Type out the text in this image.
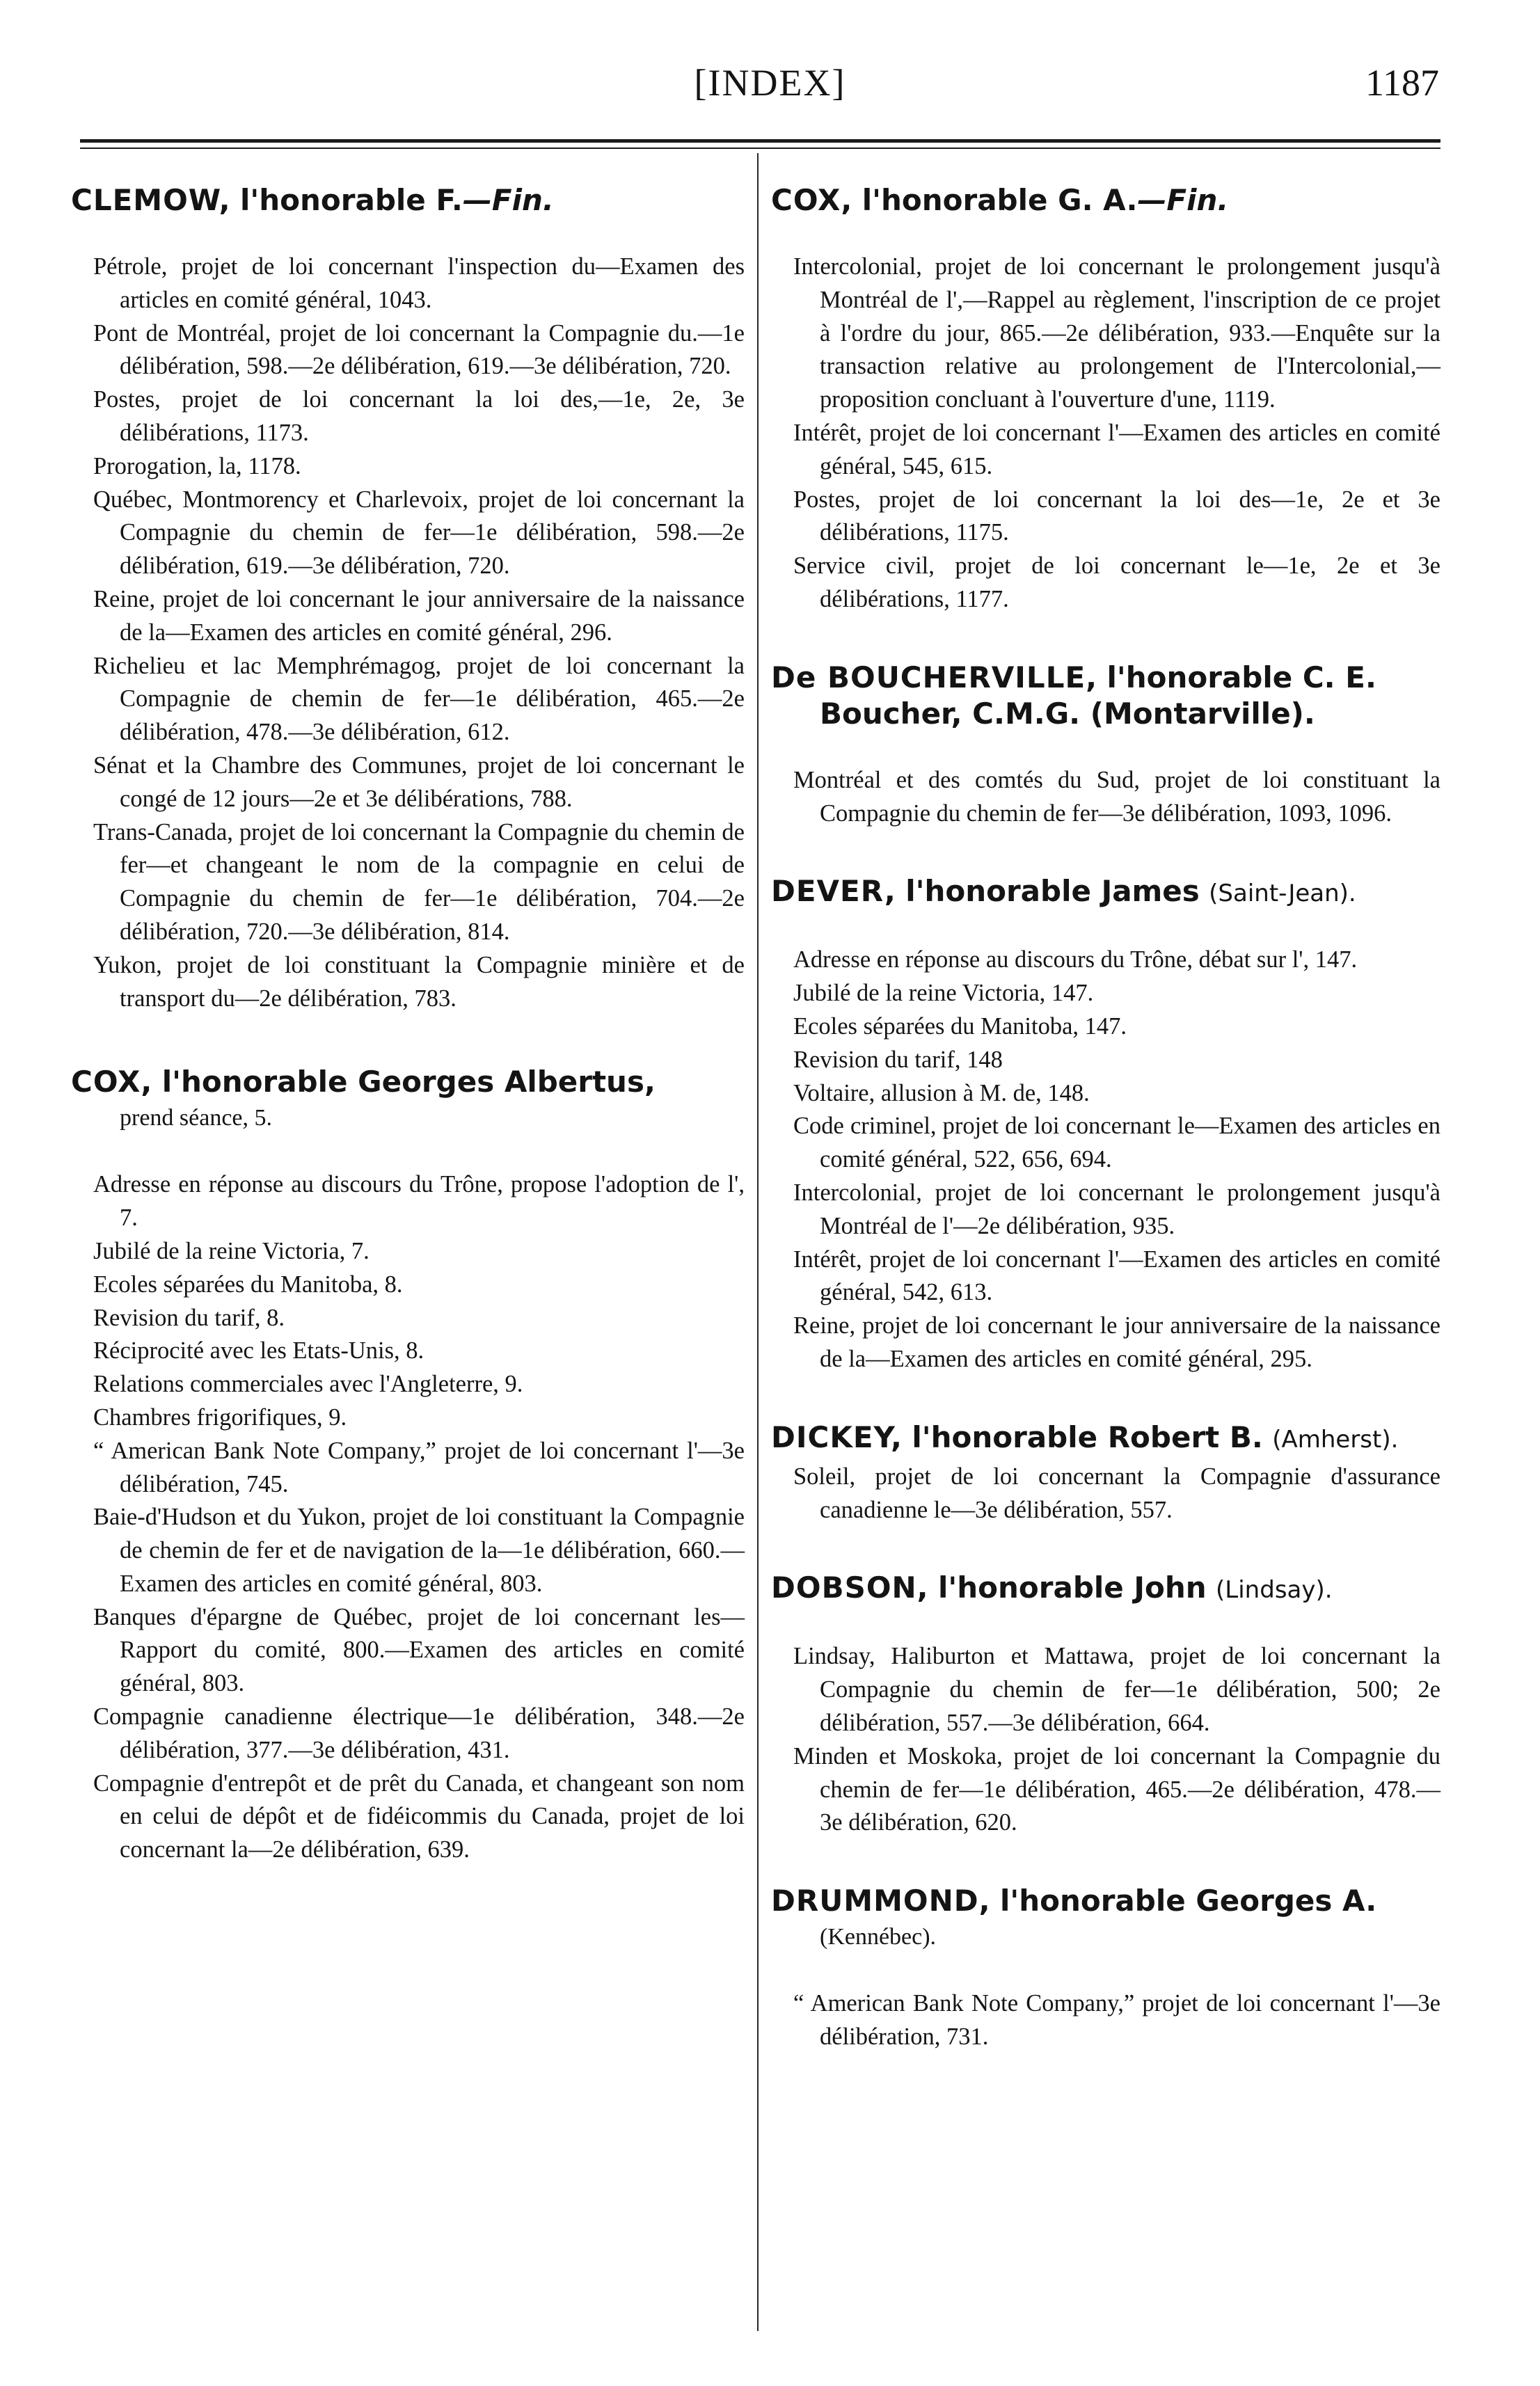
[INDEX]	1187
CLEMOW, l'honorable F.—Fin.

Pétrole, projet de loi concernant l'inspection du—Examen des articles en comité général, 1043.

Pont de Montréal, projet de loi concernant la Compagnie du.—1e délibération, 598.—2e délibération, 619.—3e délibération, 720.

Postes, projet de loi concernant la loi des,—1e, 2e, 3e délibérations, 1173.

Prorogation, la, 1178.

Québec, Montmorency et Charlevoix, projet de loi concernant la Compagnie du chemin de fer—1e délibération, 598.—2e délibération, 619.—3e délibération, 720.

Reine, projet de loi concernant le jour anniversaire de la naissance de la—Examen des articles en comité général, 296.

Richelieu et lac Memphrémagog, projet de loi concernant la Compagnie de chemin de fer—1e délibération, 465.—2e délibération, 478.—3e délibération, 612.

Sénat et la Chambre des Communes, projet de loi concernant le congé de 12 jours—2e et 3e délibérations, 788.

Trans-Canada, projet de loi concernant la Compagnie du chemin de fer—et changeant le nom de la compagnie en celui de Compagnie du chemin de fer—1e délibération, 704.—2e délibération, 720.—3e délibération, 814.

Yukon, projet de loi constituant la Compagnie minière et de transport du—2e délibération, 783.

COX, l'honorable Georges Albertus,
prend séance, 5.

Adresse en réponse au discours du Trône, propose l'adoption de l', 7.

Jubilé de la reine Victoria, 7.

Ecoles séparées du Manitoba, 8.

Revision du tarif, 8.

Réciprocité avec les Etats-Unis, 8.

Relations commerciales avec l'Angleterre, 9.

Chambres frigorifiques, 9.

“ American Bank Note Company,” projet de loi concernant l'—3e délibération, 745.

Baie-d'Hudson et du Yukon, projet de loi constituant la Compagnie de chemin de fer et de navigation de la—1e délibération, 660.—Examen des articles en comité général, 803.

Banques d'épargne de Québec, projet de loi concernant les—Rapport du comité, 800.—Examen des articles en comité général, 803.

Compagnie canadienne électrique—1e délibération, 348.—2e délibération, 377.—3e délibération, 431.

Compagnie d'entrepôt et de prêt du Canada, et changeant son nom en celui de dépôt et de fidéicommis du Canada, projet de loi concernant la—2e délibération, 639.

COX, l'honorable G. A.—Fin.

Intercolonial, projet de loi concernant le prolongement jusqu'à Montréal de l',—Rappel au règlement, l'inscription de ce projet à l'ordre du jour, 865.—2e délibération, 933.—Enquête sur la transaction relative au prolongement de l'Intercolonial,—proposition concluant à l'ouverture d'une, 1119.

Intérêt, projet de loi concernant l'—Examen des articles en comité général, 545, 615.

Postes, projet de loi concernant la loi des—1e, 2e et 3e délibérations, 1175.

Service civil, projet de loi concernant le—1e, 2e et 3e délibérations, 1177.

De BOUCHERVILLE, l'honorable C. E.
Boucher, C.M.G. (Montarville).

Montréal et des comtés du Sud, projet de loi constituant la Compagnie du chemin de fer—3e délibération, 1093, 1096.

DEVER, l'honorable James (Saint-Jean).

Adresse en réponse au discours du Trône, débat sur l', 147.

Jubilé de la reine Victoria, 147.

Ecoles séparées du Manitoba, 147.

Revision du tarif, 148

Voltaire, allusion à M. de, 148.

Code criminel, projet de loi concernant le—Examen des articles en comité général, 522, 656, 694.

Intercolonial, projet de loi concernant le prolongement jusqu'à Montréal de l'—2e délibération, 935.

Intérêt, projet de loi concernant l'—Examen des articles en comité général, 542, 613.

Reine, projet de loi concernant le jour anniversaire de la naissance de la—Examen des articles en comité général, 295.

DICKEY, l'honorable Robert B. (Amherst).

Soleil, projet de loi concernant la Compagnie d'assurance canadienne le—3e délibération, 557.

DOBSON, l'honorable John (Lindsay).

Lindsay, Haliburton et Mattawa, projet de loi concernant la Compagnie du chemin de fer—1e délibération, 500; 2e délibération, 557.—3e délibération, 664.

Minden et Moskoka, projet de loi concernant la Compagnie du chemin de fer—1e délibération, 465.—2e délibération, 478.—3e délibération, 620.

DRUMMOND, l'honorable Georges A.
(Kennébec).

“ American Bank Note Company,” projet de loi concernant l'—3e délibération, 731.
